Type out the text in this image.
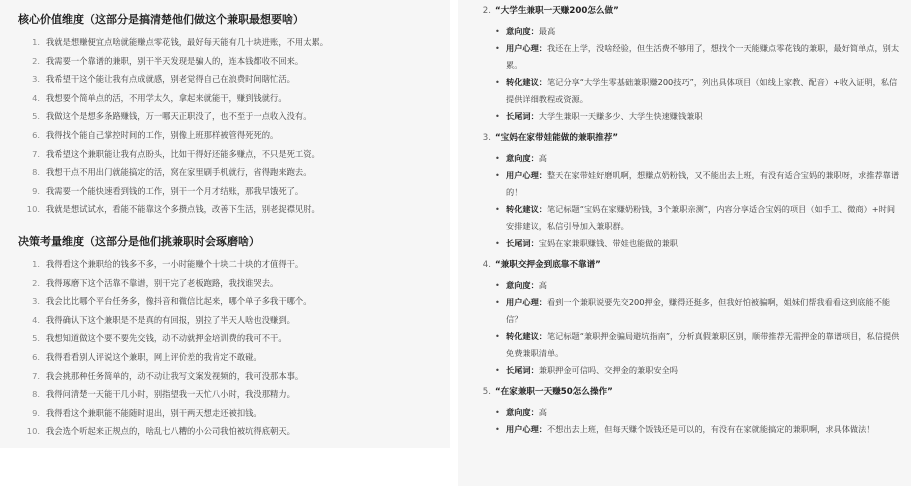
核心价值维度（这部分是搞清楚他们做这个兼职最想要啥）
1. 我就是想赚便宜点啥就能赚点零花钱，最好每天能有几十块进账，不用太累。
2. 我需要一个靠谱的兼职，别干半天发现是骗人的，连本钱都收不回来。
3. 我希望干这个能让我有点成就感，别老觉得自己在浪费时间瞎忙活。
4. 我想要个简单点的活，不用学太久，拿起来就能干，赚到钱就行。
5. 我做这个是想多条路赚钱，万一哪天正职没了，也不至于一点收入没有。
6. 我得找个能自己掌控时间的工作，别像上班那样被管得死死的。
7. 我希望这个兼职能让我有点盼头，比如干得好还能多赚点，不只是死工资。
8. 我想干点不用出门就能搞定的活，窝在家里刷手机就行，省得跑来跑去。
9. 我需要一个能快速看到钱的工作，别干一个月才结账，那我早饿死了。
10. 我就是想试试水，看能不能靠这个多攒点钱，改善下生活，别老捉襟见肘。
决策考量维度（这部分是他们挑兼职时会琢磨啥）
1. 我得看这个兼职给的钱多不多，一小时能赚个十块二十块的才值得干。
2. 我得琢磨下这个活靠不靠谱，别干完了老板跑路，我找谁哭去。
3. 我会比比哪个平台任务多，像抖音和微信比起来，哪个单子多我干哪个。
4. 我得确认下这个兼职是不是真的有回报，别拉了半天人啥也没赚到。
5. 我想知道做这个要不要先交钱，动不动就押金培训费的我可不干。
6. 我得看看别人评说这个兼职，网上评价差的我肯定不敢碰。
7. 我会挑那种任务简单的，动不动让我写文案发视频的，我可没那本事。
8. 我得问清楚一天能干几小时，别指望我一天忙八小时，我没那精力。
9. 我得看这个兼职能不能随时退出，别干两天想走还被扣钱。
10. 我会选个听起来正规点的，啥乱七八糟的小公司我怕被坑得底朝天。
2. “大学生兼职一天赚200怎么做”
• 意向度：最高
• 用户心理：我还在上学，没啥经验，但生活费不够用了，想找个一天能赚点零花钱的兼职，最好简单点，别太累。
• 转化建议：笔记分享“大学生零基础兼职赚200技巧”，列出具体项目（如线上家教、配音）+收入证明，私信提供详细教程或资源。
• 长尾词：大学生兼职一天赚多少、大学生快速赚钱兼职
3. “宝妈在家带娃能做的兼职推荐”
• 意向度：高
• 用户心理：整天在家带娃好磨叽啊，想赚点奶粉钱，又不能出去上班，有没有适合宝妈的兼职呀，求推荐靠谱的！
• 转化建议：笔记标题“宝妈在家赚奶粉钱，3个兼职亲测”，内容分享适合宝妈的项目（如手工、微商）+时间安排建议，私信引导加入兼职群。
• 长尾词：宝妈在家兼职赚钱、带娃也能做的兼职
4. “兼职交押金到底靠不靠谱”
• 意向度：高
• 用户心理：看到一个兼职说要先交200押金，赚得还挺多，但我好怕被骗啊，姐妹们帮我看看这到底能不能信？
• 转化建议：笔记标题“兼职押金骗局避坑指南”，分析真假兼职区别，顺带推荐无需押金的靠谱项目，私信提供免费兼职清单。
• 长尾词：兼职押金可信吗、交押金的兼职安全吗
5. “在家兼职一天赚50怎么操作”
• 意向度：高
• 用户心理：不想出去上班，但每天赚个饭钱还是可以的，有没有在家就能搞定的兼职啊，求具体做法！
